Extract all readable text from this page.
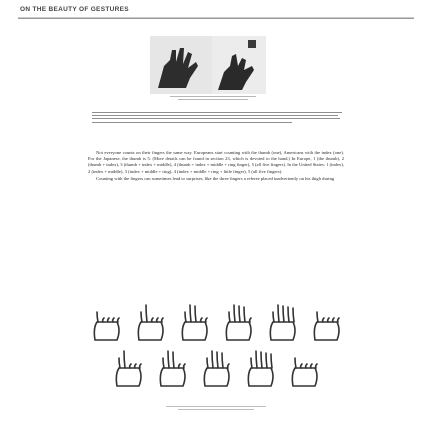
ON THE BEAUTY OF GESTURES

Not everyone counts on their fingers the same way. Europeans start counting with the thumb (one), Americans with the index (one). For the Japanese, the thumb is 5. (More details can be found in section 23, which is devoted to the hand.) In Europe, 1 (the thumb), 2 (thumb + index), 3 (thumb + index + middle), 4 (thumb + index + middle + ring finger), 5 (all five fingers). In the United States: 1 (index), 2 (index + middle), 3 (index + middle + ring), 4 (index + middle + ring + little finger), 5 (all five fingers).

Counting with the fingers can sometimes lead to surprises, like the three fingers a referee placed inadvertently on his thigh during
